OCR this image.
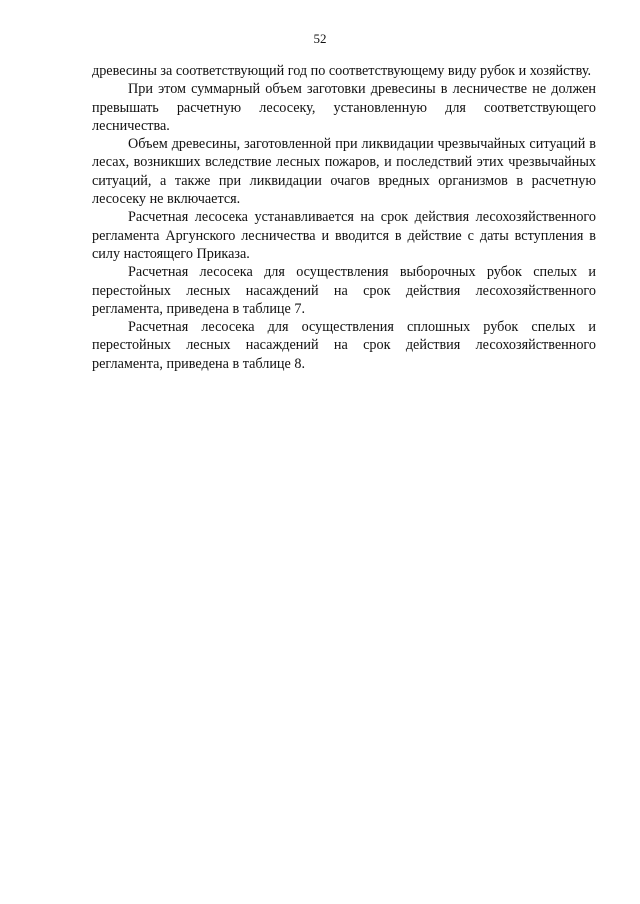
52

древесины за соответствующий год по соответствующему виду рубок и хозяйству.

При этом суммарный объем заготовки древесины в лесничестве не должен превышать расчетную лесосеку, установленную для соответствующего лесничества.

Объем древесины, заготовленной при ликвидации чрезвычайных ситуаций в лесах, возникших вследствие лесных пожаров, и последствий этих чрезвычайных ситуаций, а также при ликвидации очагов вредных организмов в расчетную лесосеку не включается.

Расчетная лесосека устанавливается на срок действия лесохозяйственного регламента Аргунского лесничества и вводится в действие с даты вступления в силу настоящего Приказа.

Расчетная лесосека для осуществления выборочных рубок спелых и перестойных лесных насаждений на срок действия лесохозяйственного регламента, приведена в таблице 7.

Расчетная лесосека для осуществления сплошных рубок спелых и перестойных лесных насаждений на срок действия лесохозяйственного регламента, приведена в таблице 8.
